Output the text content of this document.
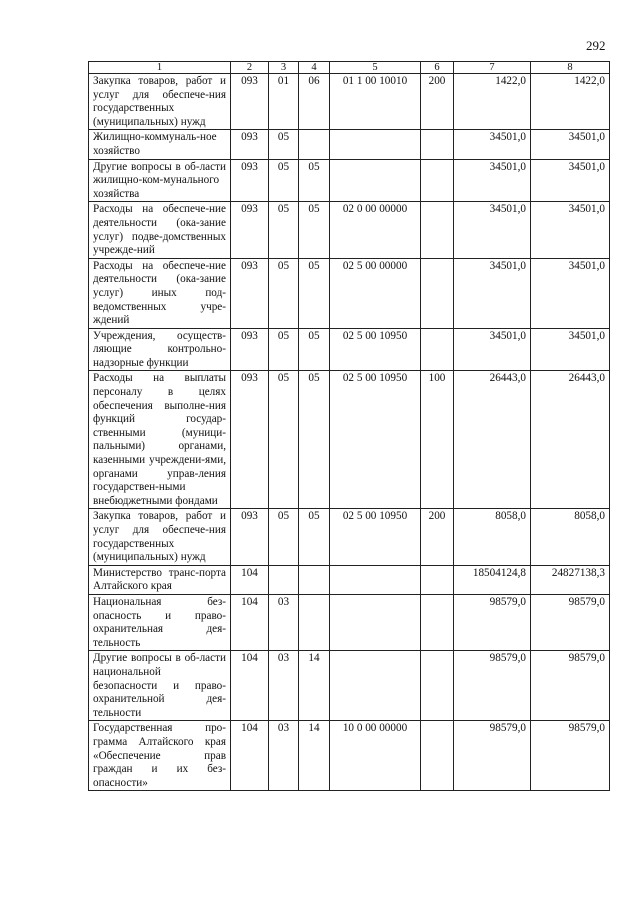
292
1	2	3	4	5	6	7	8
Закупка товаров, работ и услуг для обеспече-ния государственных (муниципальных) нужд	093	01	06	01 1 00 10010	200	1422,0	1422,0
Жилищно-коммуналь-ное хозяйство	093	05				34501,0	34501,0
Другие вопросы в об-ласти жилищно-ком-мунального хозяйства	093	05	05			34501,0	34501,0
Расходы на обеспече-ние деятельности (ока-зание услуг) подве-домственных учрежде-ний	093	05	05	02 0 00 00000		34501,0	34501,0
Расходы на обеспече-ние деятельности (ока-зание услуг) иных под-ведомственных учре-ждений	093	05	05	02 5 00 00000		34501,0	34501,0
Учреждения, осуществ-ляющие контрольно-надзорные функции	093	05	05	02 5 00 10950		34501,0	34501,0
Расходы на выплаты персоналу в целях обеспечения выполне-ния функций государ-ственными (муници-пальными) органами, казенными учреждени-ями, органами управ-ления государствен-ными внебюджетными фондами	093	05	05	02 5 00 10950	100	26443,0	26443,0
Закупка товаров, работ и услуг для обеспече-ния государственных (муниципальных) нужд	093	05	05	02 5 00 10950	200	8058,0	8058,0
Министерство транс-порта Алтайского края	104					18504124,8	24827138,3
Национальная без-опасность и право-охранительная дея-тельность	104	03				98579,0	98579,0
Другие вопросы в об-ласти национальной безопасности и право-охранительной дея-тельности	104	03	14			98579,0	98579,0
Государственная про-грамма Алтайского края «Обеспечение прав граждан и их без-опасности»	104	03	14	10 0 00 00000		98579,0	98579,0
